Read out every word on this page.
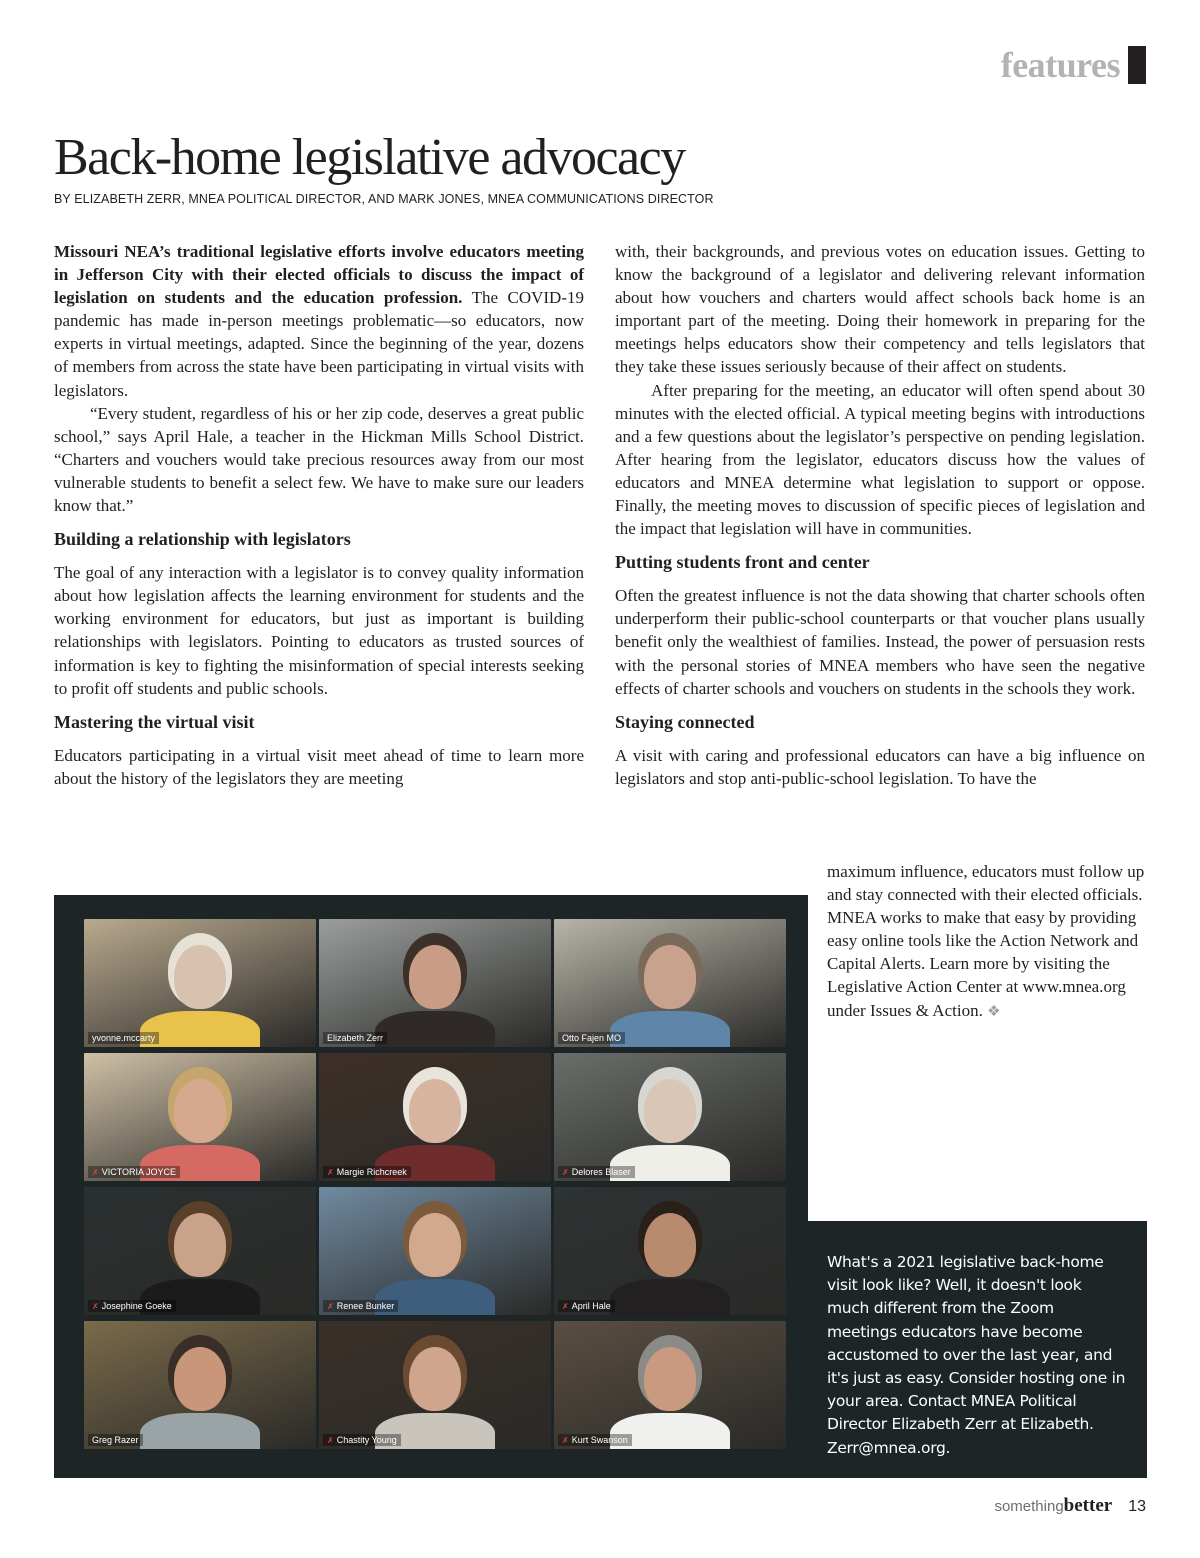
features
Back-home legislative advocacy
BY ELIZABETH ZERR, MNEA POLITICAL DIRECTOR, AND MARK JONES, MNEA COMMUNICATIONS DIRECTOR

Missouri NEA’s traditional legislative efforts involve educators meeting in Jefferson City with their elected officials to discuss the impact of legislation on students and the education profession. The COVID-19 pandemic has made in-person meetings problematic—so educators, now experts in virtual meetings, adapted. Since the beginning of the year, dozens of members from across the state have been participating in virtual visits with legislators.

“Every student, regardless of his or her zip code, deserves a great public school,” says April Hale, a teacher in the Hickman Mills School District. “Charters and vouchers would take precious resources away from our most vulnerable students to benefit a select few. We have to make sure our leaders know that.”

Building a relationship with legislators

The goal of any interaction with a legislator is to convey quality information about how legislation affects the learning environment for students and the working environment for educators, but just as important is building relationships with legislators. Pointing to educators as trusted sources of information is key to fighting the misinformation of special interests seeking to profit off students and public schools.

Mastering the virtual visit

Educators participating in a virtual visit meet ahead of time to learn more about the history of the legislators they are meeting

with, their backgrounds, and previous votes on education issues. Getting to know the background of a legislator and delivering relevant information about how vouchers and charters would affect schools back home is an important part of the meeting. Doing their homework in preparing for the meetings helps educators show their competency and tells legislators that they take these issues seriously because of their affect on students.

After preparing for the meeting, an educator will often spend about 30 minutes with the elected official. A typical meeting begins with introductions and a few questions about the legislator’s perspective on pending legislation. After hearing from the legislator, educators discuss how the values of educators and MNEA determine what legislation to support or oppose. Finally, the meeting moves to discussion of specific pieces of legislation and the impact that legislation will have in communities.

Putting students front and center

Often the greatest influence is not the data showing that charter schools often underperform their public-school counterparts or that voucher plans usually benefit only the wealthiest of families. Instead, the power of persuasion rests with the personal stories of MNEA members who have seen the negative effects of charter schools and vouchers on students in the schools they work.

Staying connected

A visit with caring and professional educators can have a big influence on legislators and stop anti-public-school legislation. To have the

maximum influence, educators must follow up and stay connected with their elected officials. MNEA works to make that easy by providing easy online tools like the Action Network and Capital Alerts. Learn more by visiting the Legislative Action Center at www.mnea.org under Issues & Action. ❖

yvonne.mccarty	Elizabeth Zerr	Otto Fajen MO
✗ VICTORIA JOYCE	✗ Margie Richcreek	✗ Delores Blaser
✗ Josephine Goeke	✗ Renee Bunker	✗ April Hale
Greg Razer	✗ Chastity Young	✗ Kurt Swanson

What's a 2021 legislative back-home visit look like? Well, it doesn't look much different from the Zoom meetings educators have become accustomed to over the last year, and it's just as easy. Consider hosting one in your area. Contact MNEA Political Director Elizabeth Zerr at Elizabeth. Zerr@mnea.org.

something better 13
